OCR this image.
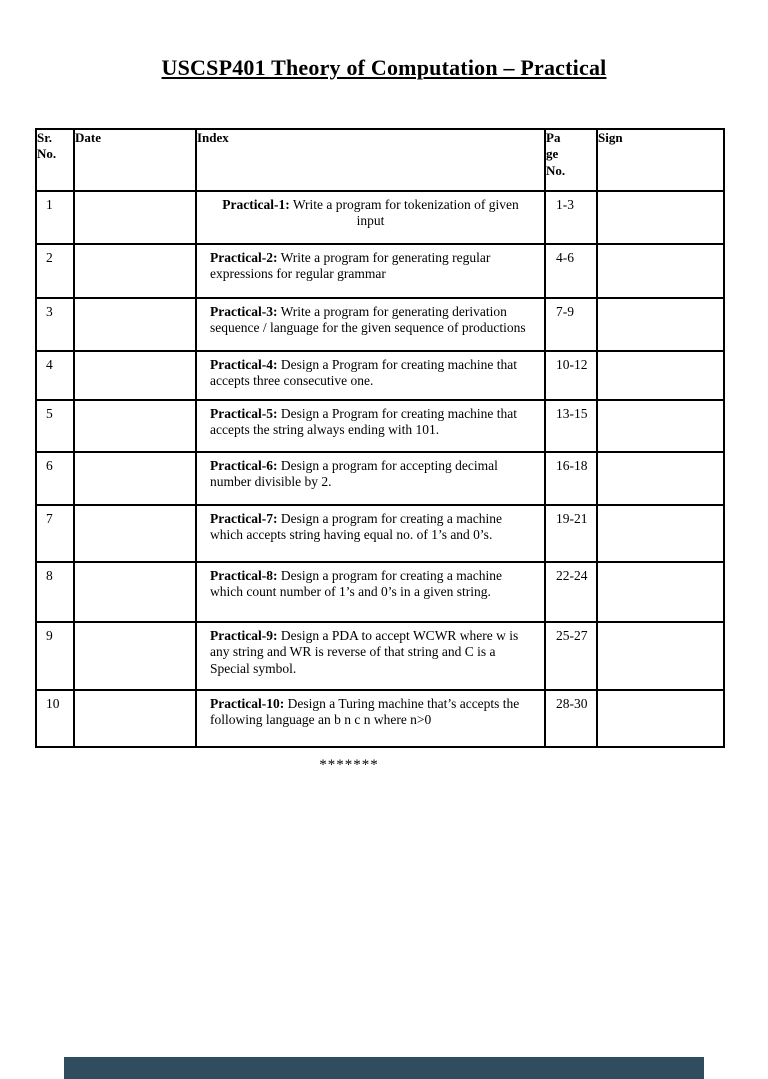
USCSP401 Theory of Computation – Practical
Sr. No.	Date	Index	Page No.	Sign
1		Practical-1: Write a program for tokenization of given input	1-3	
2		Practical-2: Write a program for generating regular expressions for regular grammar	4-6	
3		Practical-3: Write a program for generating derivation sequence / language for the given sequence of productions	7-9	
4		Practical-4: Design a Program for creating machine that accepts three consecutive one.	10-12	
5		Practical-5: Design a Program for creating machine that accepts the string always ending with 101.	13-15	
6		Practical-6: Design a program for accepting decimal number divisible by 2.	16-18	
7		Practical-7: Design a program for creating a machine which accepts string having equal no. of 1’s and 0’s.	19-21	
8		Practical-8: Design a program for creating a machine which count number of 1’s and 0’s in a given string.	22-24	
9		Practical-9: Design a PDA to accept WCWR where w is any string and WR is reverse of that string and C is a Special symbol.	25-27	
10		Practical-10: Design a Turing machine that’s accepts the following language an b n c n where n>0	28-30	
*******
